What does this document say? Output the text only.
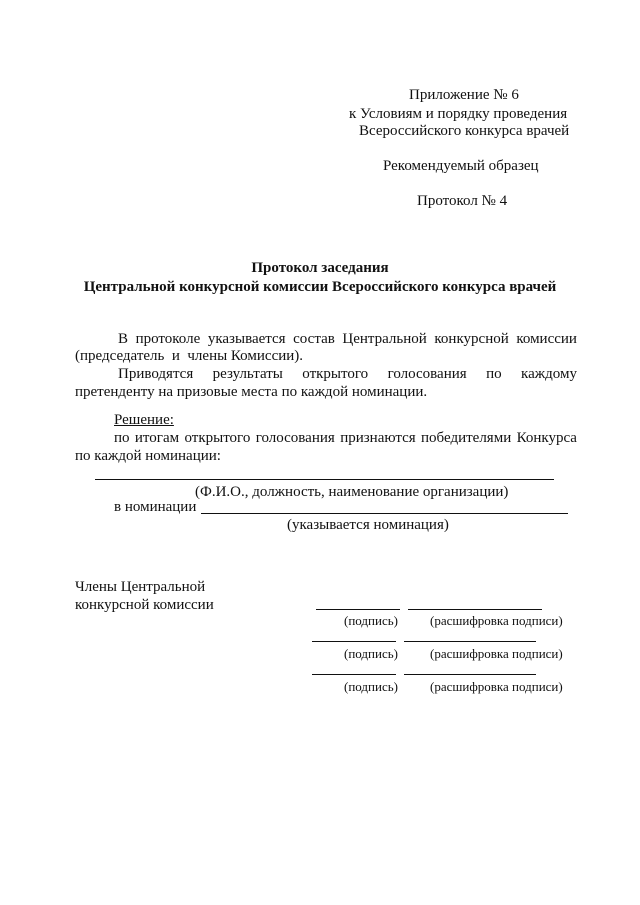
Приложение № 6
к Условиям и порядку проведения
Всероссийского конкурса врачей
Рекомендуемый образец
Протокол № 4
Протокол заседания
Центральной конкурсной комиссии Всероссийского конкурса врачей
В протоколе указывается состав Центральной конкурсной комиссии
(председатель  и  члены Комиссии).
Приводятся результаты открытого голосования по каждому
претенденту на призовые места по каждой номинации.
Решение:
по итогам открытого голосования признаются победителями Конкурса
по каждой номинации:
(Ф.И.О., должность, наименование организации)
в номинации
(указывается номинация)
Члены Центральной
конкурсной комиссии
(подпись) (расшифровка подписи)
(подпись) (расшифровка подписи)
(подпись) (расшифровка подписи)
